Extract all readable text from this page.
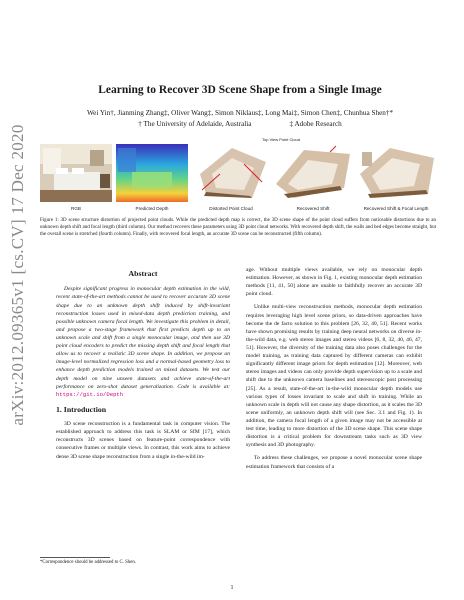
arXiv:2012.09365v1 [cs.CV] 17 Dec 2020
Learning to Recover 3D Scene Shape from a Single Image
Wei Yin†, Jianming Zhang‡, Oliver Wang‡, Simon Niklaus‡, Long Mai‡, Simon Chen‡, Chunhua Shen†*
† The University of Adelaide, Australia	‡ Adobe Research
Top View Point Cloud
RGB	Predicted Depth	Distorted Point Cloud	Recovered Shift	Recovered Shift & Focal Length

Figure 1: 3D scene structure distortion of projected point clouds. While the predicted depth map is correct, the 3D scene shape of the point cloud suffers from noticeable distortions due to an unknown depth shift and focal length (third column). Our method recovers these parameters using 3D point cloud networks. With recovered depth shift, the walls and bed edges become straight, but the overall scene is stretched (fourth column). Finally, with recovered focal length, an accurate 3D scene can be reconstructed (fifth column).

Abstract

Despite significant progress in monocular depth estimation in the wild, recent state-of-the-art methods cannot be used to recover accurate 3D scene shape due to an unknown depth shift induced by shift-invariant reconstruction losses used in mixed-data depth prediction training, and possible unknown camera focal length. We investigate this problem in detail, and propose a two-stage framework that first predicts depth up to an unknown scale and shift from a single monocular image, and then use 3D point cloud encoders to predict the missing depth shift and focal length that allow us to recover a realistic 3D scene shape. In addition, we propose an image-level normalized regression loss and a normal-based geometry loss to enhance depth prediction models trained on mixed datasets. We test our depth model on nine unseen datasets and achieve state-of-the-art performance on zero-shot dataset generalization. Code is available at: https://git.io/Depth

1. Introduction

3D scene reconstruction is a fundamental task in computer vision. The established approach to address this task is SLAM or SfM [17], which reconstructs 3D scenes based on feature-point correspondence with consecutive frames or multiple views. In contrast, this work aims to achieve dense 3D scene shape reconstruction from a single in-the-wild im-

*Correspondence should be addressed to C. Shen.

age. Without multiple views available, we rely on monocular depth estimation. However, as shown in Fig. 1, existing monocular depth estimation methods [11, 41, 50] alone are unable to faithfully recover an accurate 3D point cloud.

Unlike multi-view reconstruction methods, monocular depth estimation requires leveraging high level scene priors, so data-driven approaches have become the de facto solution to this problem [26, 32, 40, 51]. Recent works have shown promising results by training deep neural networks on diverse in-the-wild data, e.g. web stereo images and stereo videos [6, 8, 32, 40, 46, 47, 51]. However, the diversity of the training data also poses challenges for the model training, as training data captured by different cameras can exhibit significantly different image priors for depth estimation [12]. Moreover, web stereo images and videos can only provide depth supervision up to a scale and shift due to the unknown camera baselines and stereoscopic post processing [25]. As a result, state-of-the-art in-the-wild monocular depth models use various types of losses invariant to scale and shift in training. While an unknown scale in depth will not cause any shape distortion, as it scales the 3D scene uniformly, an unknown depth shift will (see Sec. 3.1 and Fig. 1). In addition, the camera focal length of a given image may not be accessible at test time, leading to more distortion of the 3D scene shape. This scene shape distortion is a critical problem for downstream tasks such as 3D view synthesis and 3D photography.

To address these challenges, we propose a novel monocular scene shape estimation framework that consists of a

1
